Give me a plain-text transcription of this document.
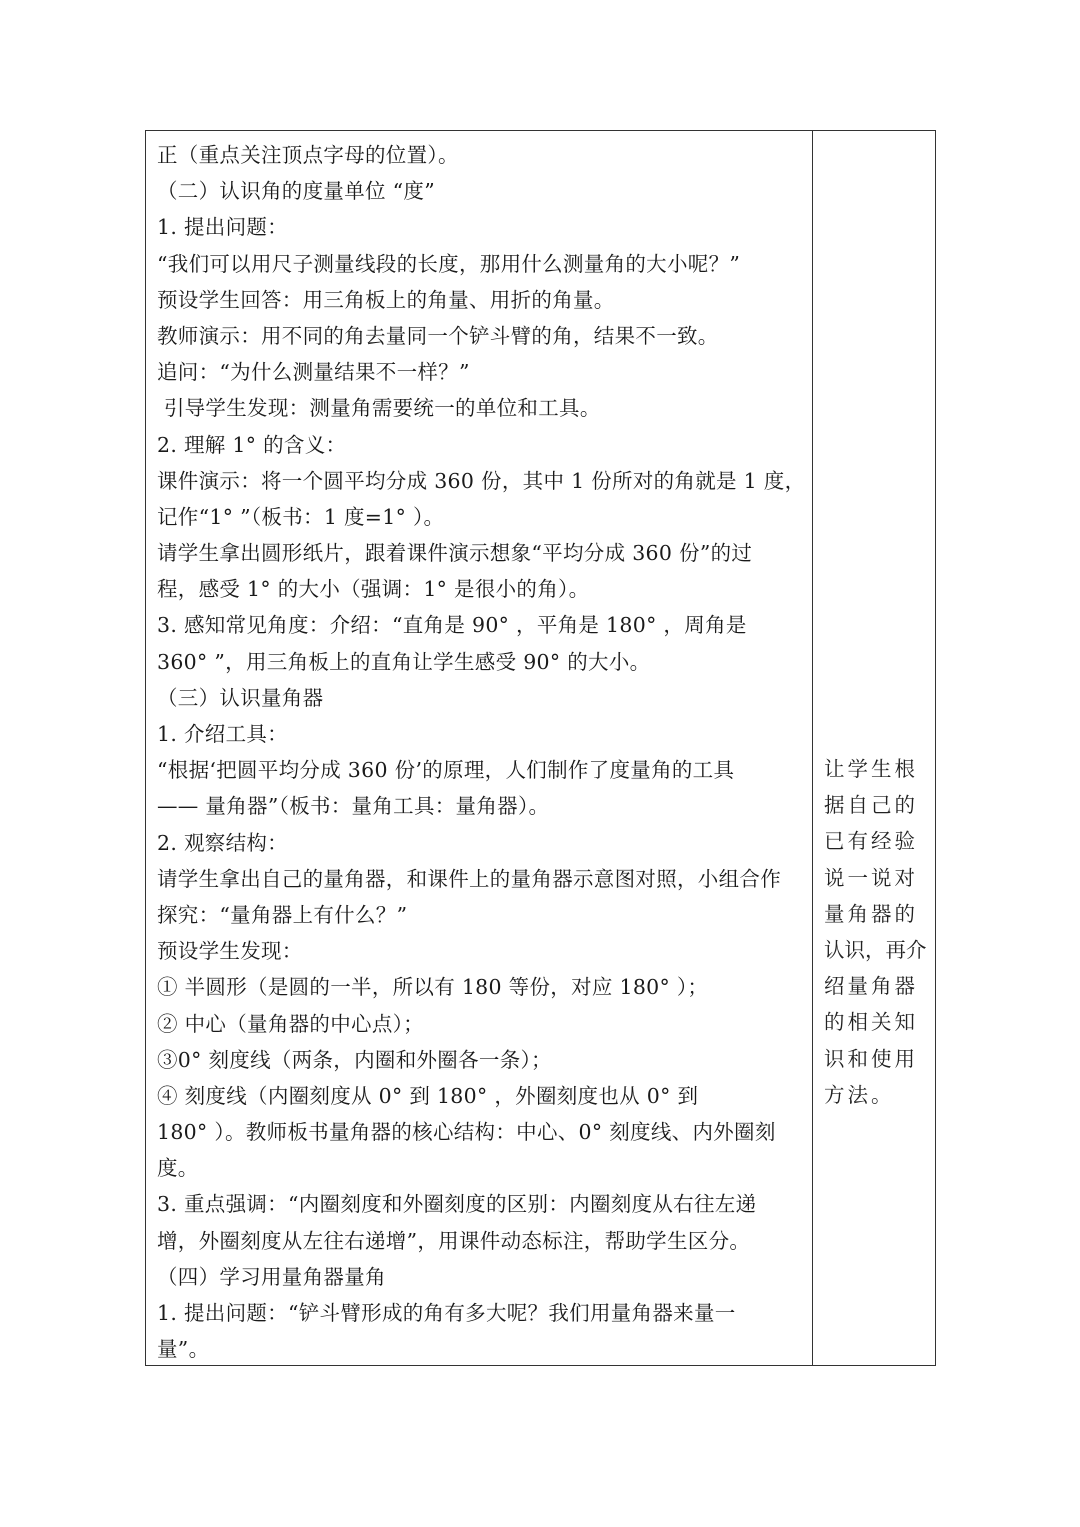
正（重点关注顶点字母的位置）。
（二）认识角的度量单位 “度”
1. 提出问题：
“我们可以用尺子测量线段的长度，那用什么测量角的大小呢？”
预设学生回答：用三角板上的角量、用折的角量。
教师演示：用不同的角去量同一个铲斗臂的角，结果不一致。
追问：“为什么测量结果不一样？”
引导学生发现：测量角需要统一的单位和工具。
2. 理解 1° 的含义：
课件演示：将一个圆平均分成 360 份，其中 1 份所对的角就是 1 度，
记作“1° ”（板书：1 度=1° ）。
请学生拿出圆形纸片，跟着课件演示想象“平均分成 360 份”的过
程，感受 1° 的大小（强调：1° 是很小的角）。
3. 感知常见角度：介绍：“直角是 90° ，平角是 180° ，周角是
360° ”，用三角板上的直角让学生感受 90° 的大小。
（三）认识量角器
1. 介绍工具：
“根据‘把圆平均分成 360 份’的原理，人们制作了度量角的工具
—— 量角器”（板书：量角工具：量角器）。
2. 观察结构：
请学生拿出自己的量角器，和课件上的量角器示意图对照，小组合作
探究：“量角器上有什么？”
预设学生发现：
① 半圆形（是圆的一半，所以有 180 等份，对应 180° ）；
② 中心（量角器的中心点）；
③0° 刻度线（两条，内圈和外圈各一条）；
④ 刻度线（内圈刻度从 0° 到 180° ，外圈刻度也从 0° 到
180° ）。教师板书量角器的核心结构：中心、0° 刻度线、内外圈刻
度。
3. 重点强调：“内圈刻度和外圈刻度的区别：内圈刻度从右往左递
增，外圈刻度从左往右递增”，用课件动态标注，帮助学生区分。
（四）学习用量角器量角
1. 提出问题：“铲斗臂形成的角有多大呢？我们用量角器来量一
量”。
让学生根
据自己的
已有经验
说一说对
量角器的
认识，再介
绍量角器
的相关知
识和使用
方法。
